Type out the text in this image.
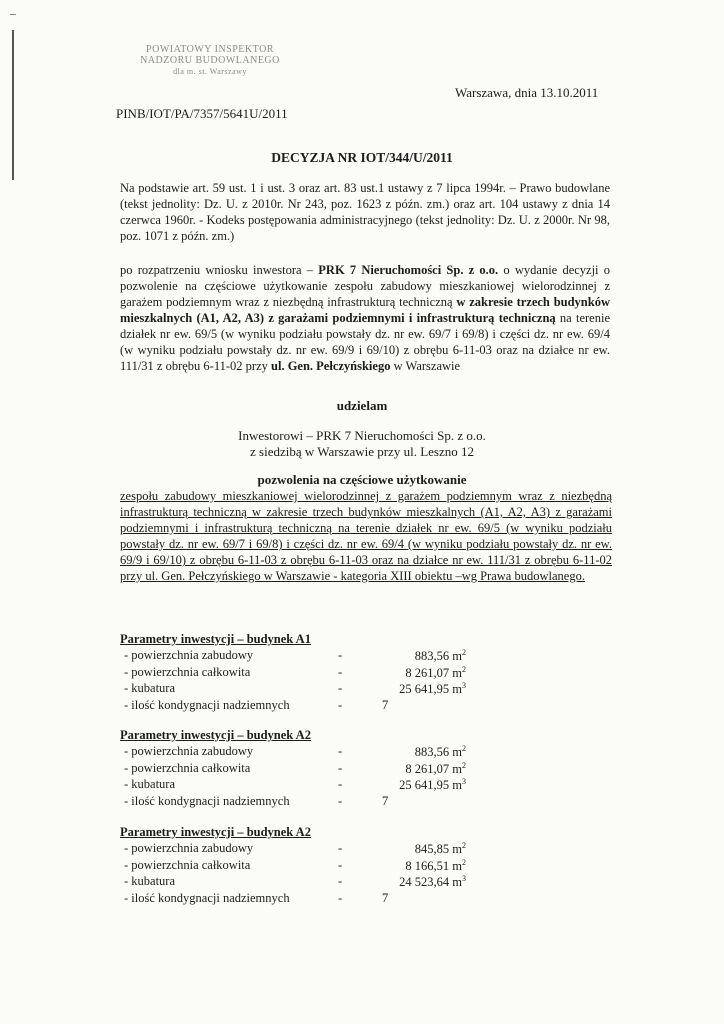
POWIATOWY INSPEKTOR
NADZORU BUDOWLANEGO
dla m. st. Warszawy
Warszawa, dnia 13.10.2011
PINB/IOT/PA/7357/5641U/2011
DECYZJA NR IOT/344/U/2011
Na podstawie art. 59 ust. 1 i ust. 3 oraz art. 83 ust.1 ustawy z 7 lipca 1994r. – Prawo budowlane (tekst jednolity: Dz. U. z 2010r. Nr 243, poz. 1623 z późn. zm.) oraz art. 104 ustawy z dnia 14 czerwca 1960r. - Kodeks postępowania administracyjnego (tekst jednolity: Dz. U. z 2000r. Nr 98, poz. 1071 z późn. zm.)
po rozpatrzeniu wniosku inwestora – PRK 7 Nieruchomości Sp. z o.o. o wydanie decyzji o pozwolenie na częściowe użytkowanie zespołu zabudowy mieszkaniowej wielorodzinnej z garażem podziemnym wraz z niezbędną infrastrukturą techniczną w zakresie trzech budynków mieszkalnych (A1, A2, A3) z garażami podziemnymi i infrastrukturą techniczną na terenie działek nr ew. 69/5 (w wyniku podziału powstały dz. nr ew. 69/7 i 69/8) i części dz. nr ew. 69/4 (w wyniku podziału powstały dz. nr ew. 69/9 i 69/10) z obrębu 6-11-03 oraz na działce nr ew. 111/31 z obrębu 6-11-02 przy ul. Gen. Pełczyńskiego w Warszawie
udzielam
Inwestorowi – PRK 7 Nieruchomości Sp. z o.o.
z siedzibą w Warszawie przy ul. Leszno 12
pozwolenia na częściowe użytkowanie
zespołu zabudowy mieszkaniowej wielorodzinnej z garażem podziemnym wraz z niezbędną infrastrukturą techniczną w zakresie trzech budynków mieszkalnych (A1, A2, A3) z garażami podziemnymi i infrastrukturą techniczną na terenie działek nr ew. 69/5 (w wyniku podziału powstały dz. nr ew. 69/7 i 69/8) i części dz. nr ew. 69/4 (w wyniku podziału powstały dz. nr ew. 69/9 i 69/10) z obrębu 6-11-03 z obrębu 6-11-03 oraz na działce nr ew. 111/31 z obrębu 6-11-02 przy ul. Gen. Pełczyńskiego w Warszawie - kategoria XIII obiektu –wg Prawa budowlanego.
Parametry inwestycji – budynek A1
- powierzchnia zabudowy	-	883,56 $m^2$
- powierzchnia całkowita	-	8 261,07 $m^2$
- kubatura	-	25 641,95 $m^3$
- ilość kondygnacji nadziemnych	-	7
Parametry inwestycji – budynek A2
- powierzchnia zabudowy	-	883,56 $m^2$
- powierzchnia całkowita	-	8 261,07 $m^2$
- kubatura	-	25 641,95 $m^3$
- ilość kondygnacji nadziemnych	-	7
Parametry inwestycji – budynek A2
- powierzchnia zabudowy	-	845,85 $m^2$
- powierzchnia całkowita	-	8 166,51 $m^2$
- kubatura	-	24 523,64 $m^3$
- ilość kondygnacji nadziemnych	-	7
